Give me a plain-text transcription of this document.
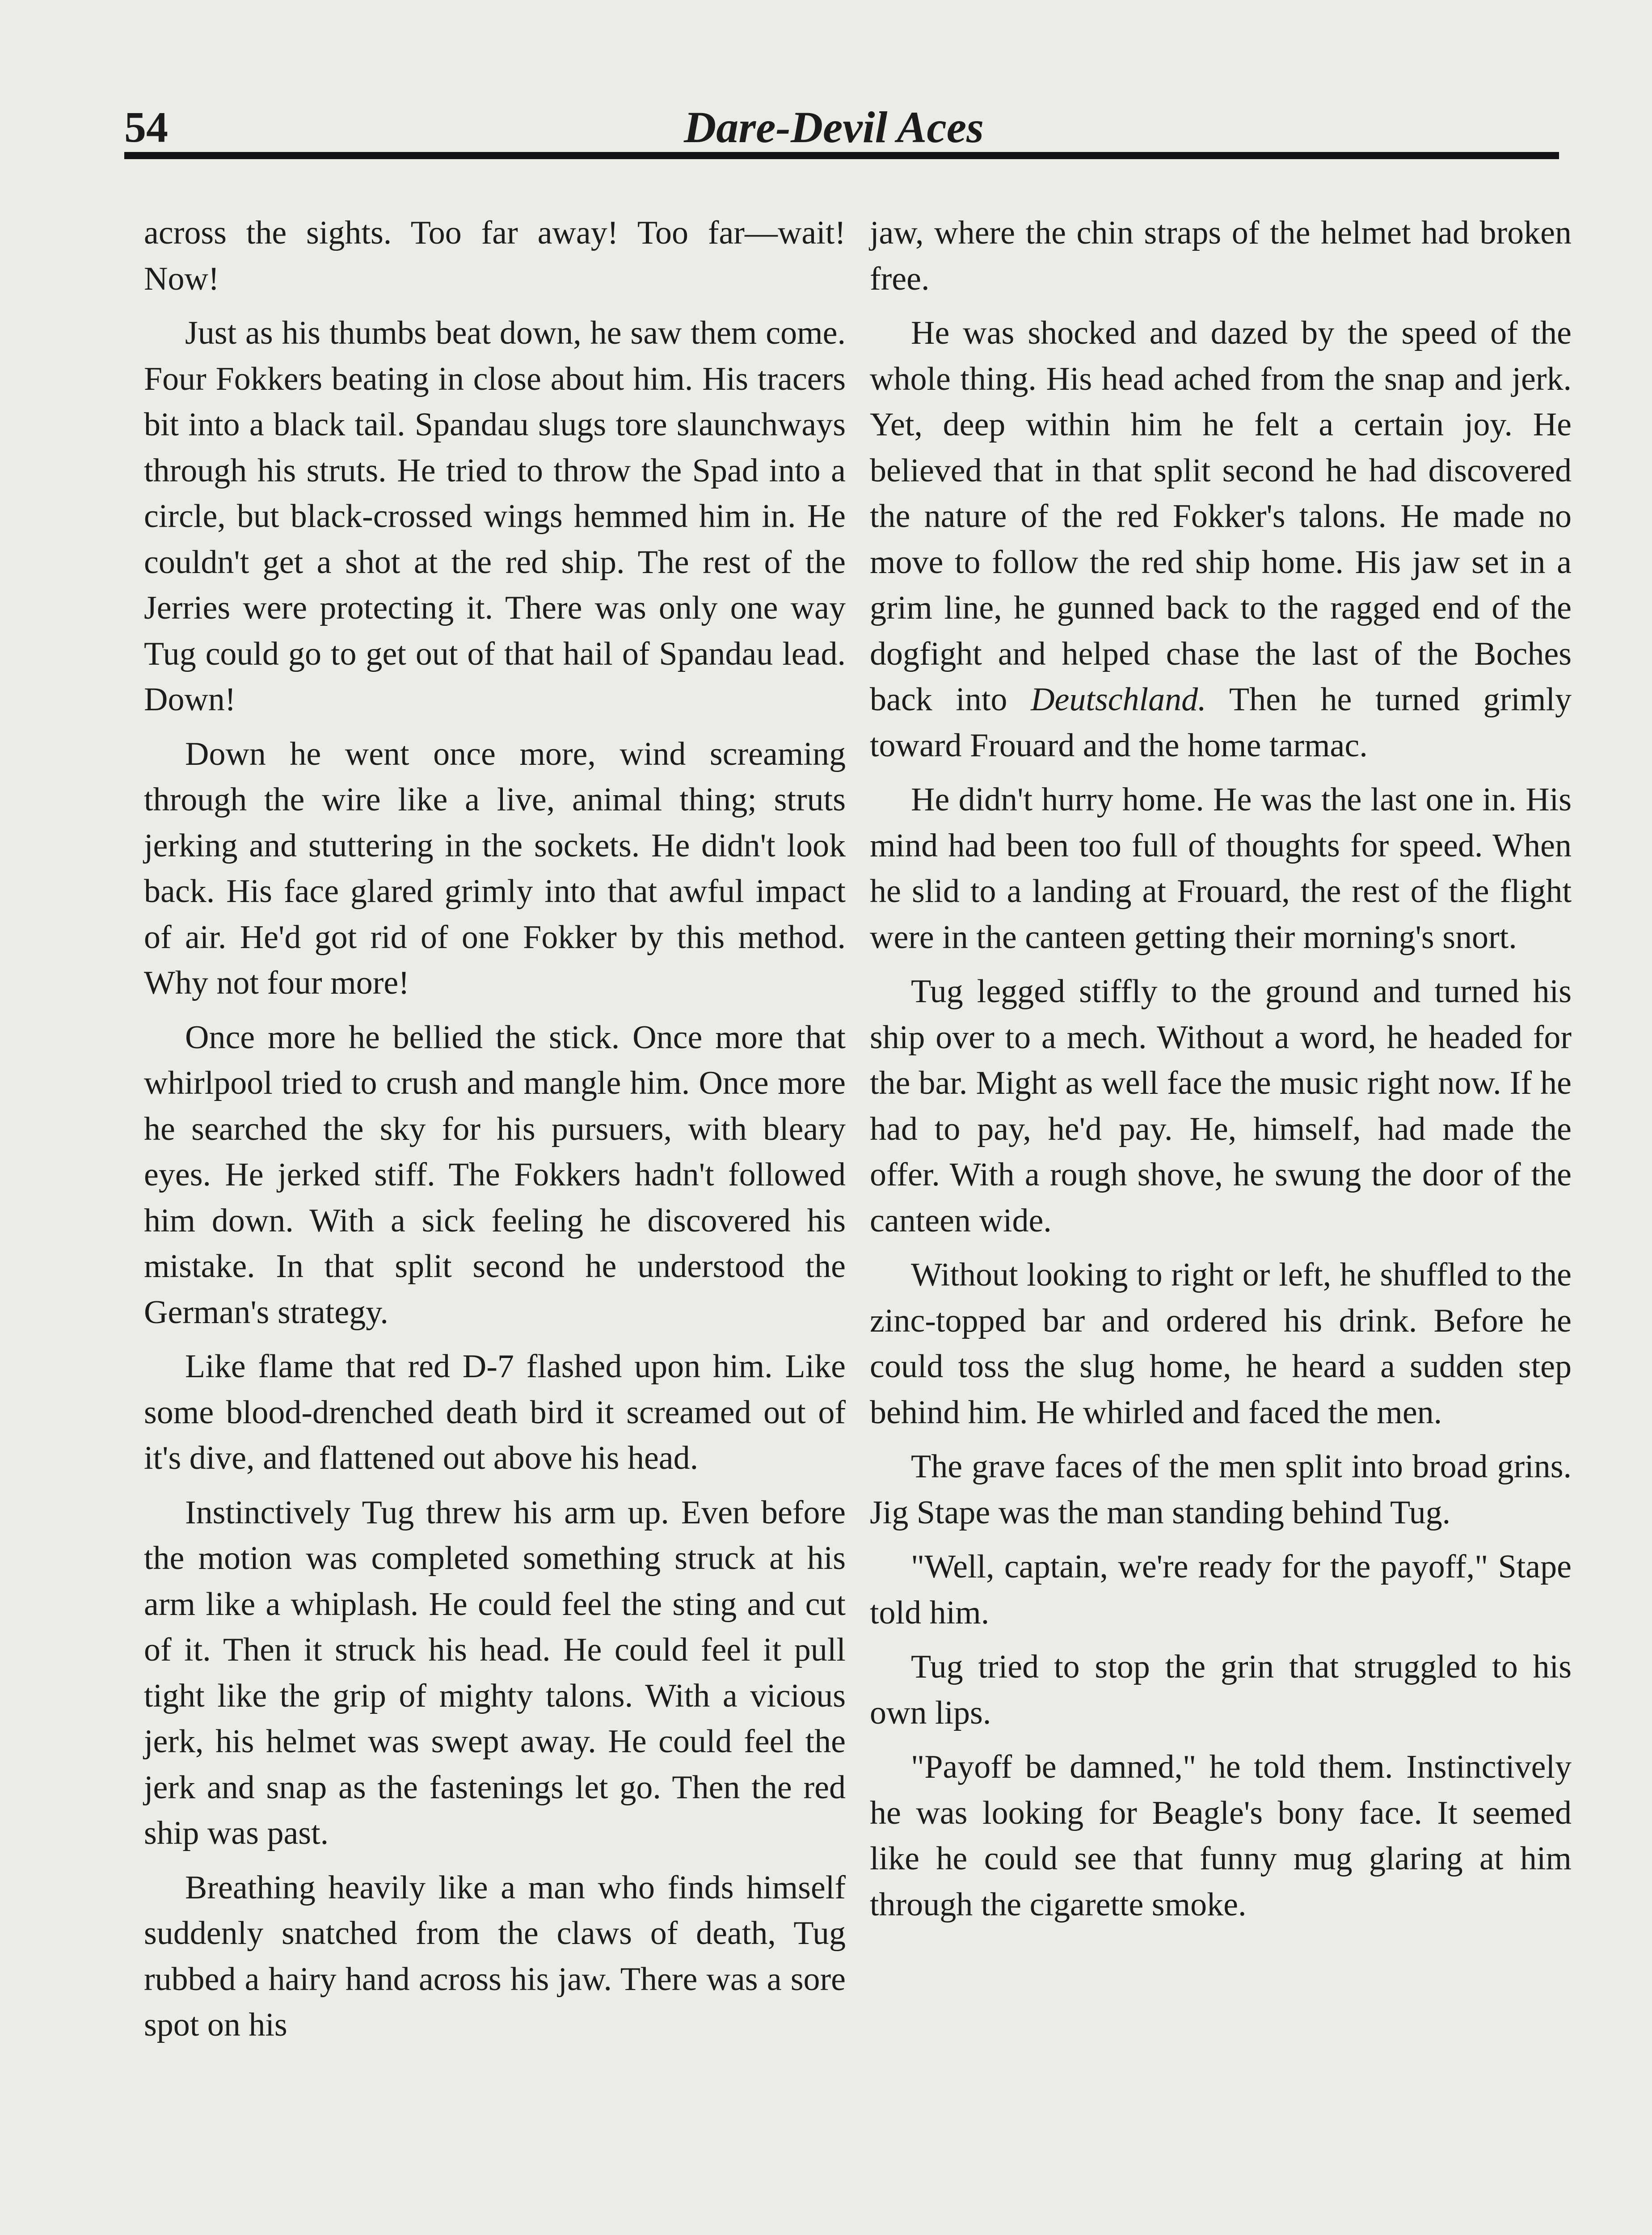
54	Dare-Devil Aces

across the sights. Too far away! Too far—wait! Now!

Just as his thumbs beat down, he saw them come. Four Fokkers beating in close about him. His tracers bit into a black tail. Spandau slugs tore slaunchways through his struts. He tried to throw the Spad into a circle, but black-crossed wings hemmed him in. He couldn't get a shot at the red ship. The rest of the Jerries were protecting it. There was only one way Tug could go to get out of that hail of Spandau lead. Down!

Down he went once more, wind screaming through the wire like a live, animal thing; struts jerking and stuttering in the sockets. He didn't look back. His face glared grimly into that awful impact of air. He'd got rid of one Fokker by this method. Why not four more!

Once more he bellied the stick. Once more that whirlpool tried to crush and mangle him. Once more he searched the sky for his pursuers, with bleary eyes. He jerked stiff. The Fokkers hadn't followed him down. With a sick feeling he discovered his mistake. In that split second he understood the German's strategy.

Like flame that red D-7 flashed upon him. Like some blood-drenched death bird it screamed out of it's dive, and flattened out above his head.

Instinctively Tug threw his arm up. Even before the motion was completed something struck at his arm like a whiplash. He could feel the sting and cut of it. Then it struck his head. He could feel it pull tight like the grip of mighty talons. With a vicious jerk, his helmet was swept away. He could feel the jerk and snap as the fastenings let go. Then the red ship was past.

Breathing heavily like a man who finds himself suddenly snatched from the claws of death, Tug rubbed a hairy hand across his jaw. There was a sore spot on his

jaw, where the chin straps of the helmet had broken free.

He was shocked and dazed by the speed of the whole thing. His head ached from the snap and jerk. Yet, deep within him he felt a certain joy. He believed that in that split second he had discovered the nature of the red Fokker's talons. He made no move to follow the red ship home. His jaw set in a grim line, he gunned back to the ragged end of the dogfight and helped chase the last of the Boches back into Deutschland. Then he turned grimly toward Frouard and the home tarmac.

He didn't hurry home. He was the last one in. His mind had been too full of thoughts for speed. When he slid to a landing at Frouard, the rest of the flight were in the canteen getting their morning's snort.

Tug legged stiffly to the ground and turned his ship over to a mech. Without a word, he headed for the bar. Might as well face the music right now. If he had to pay, he'd pay. He, himself, had made the offer. With a rough shove, he swung the door of the canteen wide.

Without looking to right or left, he shuffled to the zinc-topped bar and ordered his drink. Before he could toss the slug home, he heard a sudden step behind him. He whirled and faced the men.

The grave faces of the men split into broad grins. Jig Stape was the man standing behind Tug.

"Well, captain, we're ready for the payoff," Stape told him.

Tug tried to stop the grin that struggled to his own lips.

"Payoff be damned," he told them. Instinctively he was looking for Beagle's bony face. It seemed like he could see that funny mug glaring at him through the cigarette smoke.
